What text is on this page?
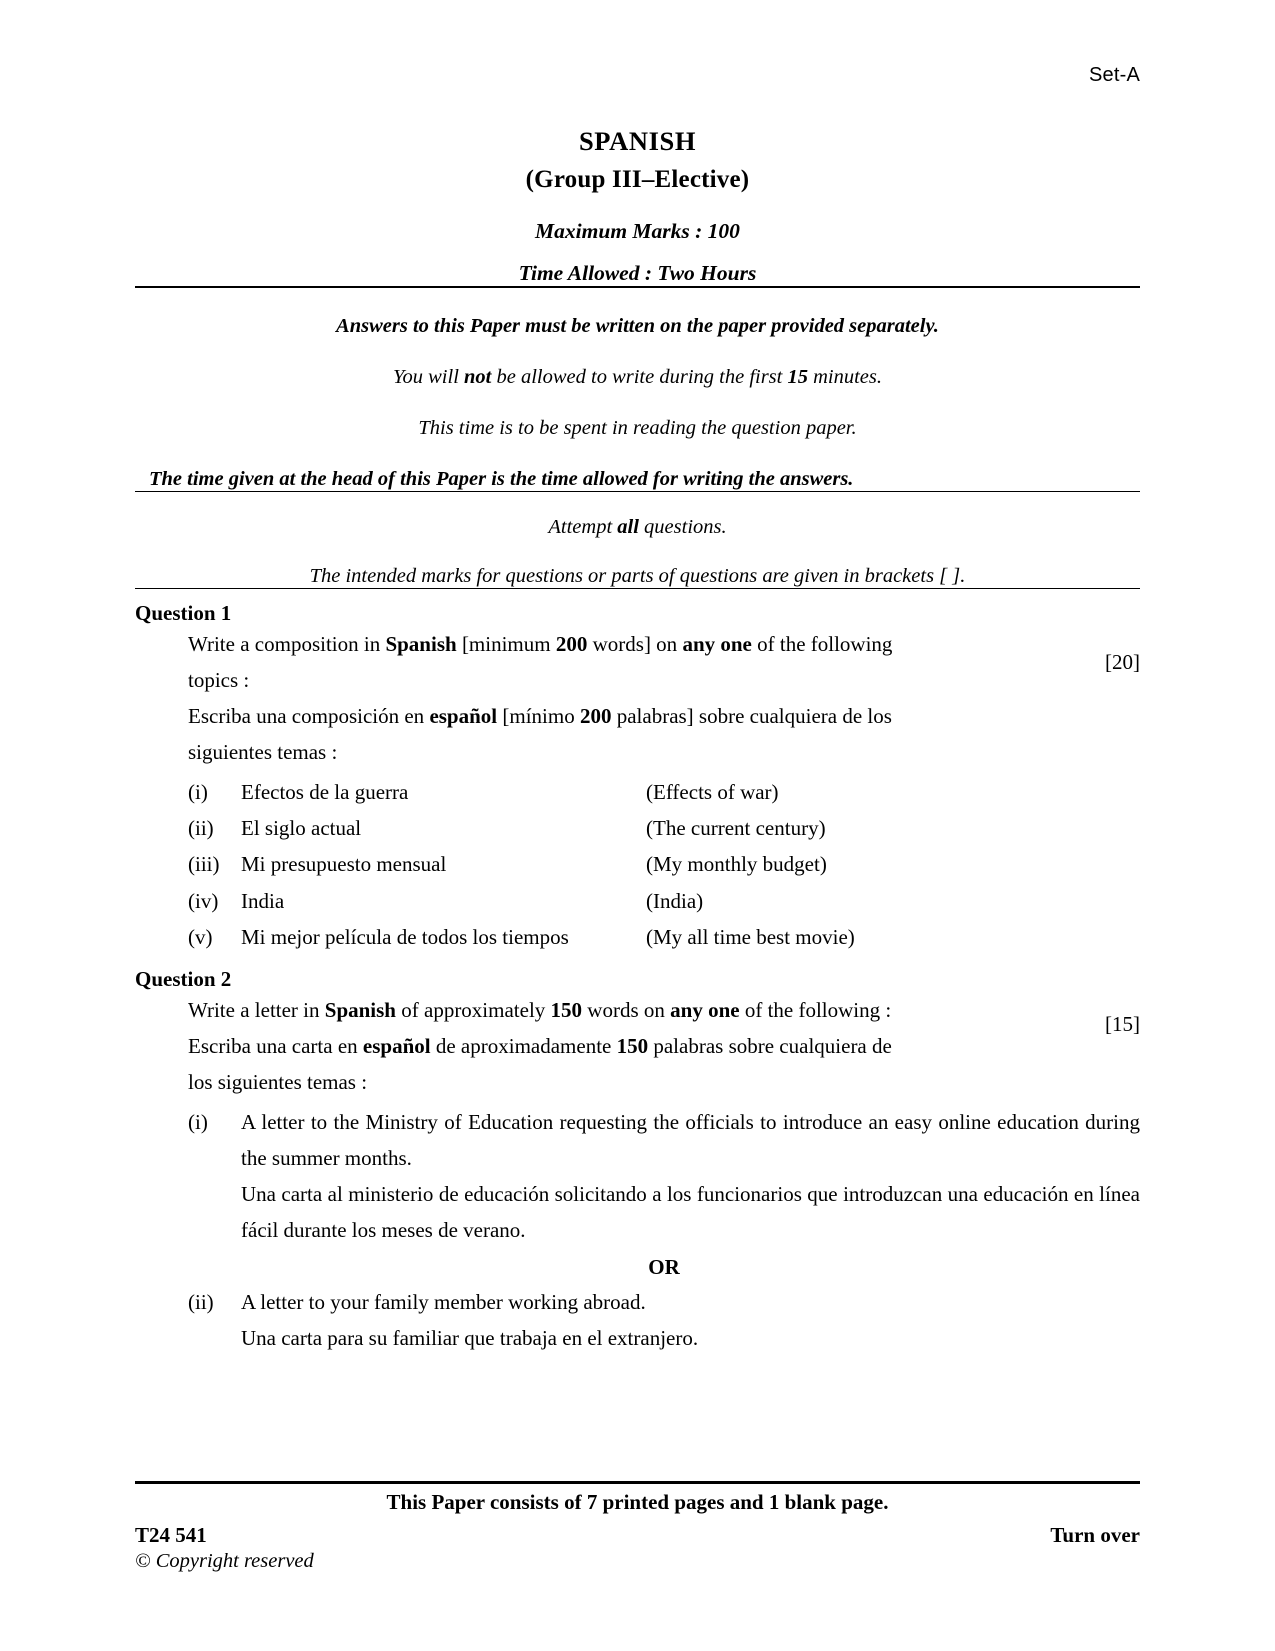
Set-A
SPANISH
(Group III–Elective)
Maximum Marks : 100
Time Allowed : Two Hours
Answers to this Paper must be written on the paper provided separately.
You will not be allowed to write during the first 15 minutes.
This time is to be spent in reading the question paper.
The time given at the head of this Paper is the time allowed for writing the answers.
Attempt all questions.
The intended marks for questions or parts of questions are given in brackets [ ].
Question 1
Write a composition in Spanish [minimum 200 words] on any one of the following
topics :
Escriba una composición en español [mínimo 200 palabras] sobre cualquiera de los
siguientes temas :
(i)	Efectos de la guerra	(Effects of war)
(ii)	El siglo actual	(The current century)
(iii)	Mi presupuesto mensual	(My monthly budget)
(iv)	India	(India)
(v)	Mi mejor película de todos los tiempos	(My all time best movie)
Question 2
Write a letter in Spanish of approximately 150 words on any one of the following :
Escriba una carta en español de aproximadamente 150 palabras sobre cualquiera de
los siguientes temas :
(i)	A letter to the Ministry of Education requesting the officials to introduce an easy online education during the summer months.
Una carta al ministerio de educación solicitando a los funcionarios que introduzcan una educación en línea fácil durante los meses de verano.
OR
(ii)	A letter to your family member working abroad.
Una carta para su familiar que trabaja en el extranjero.
[20]
[15]
This Paper consists of 7 printed pages and 1 blank page.
T24 541	Turn over
© Copyright reserved
